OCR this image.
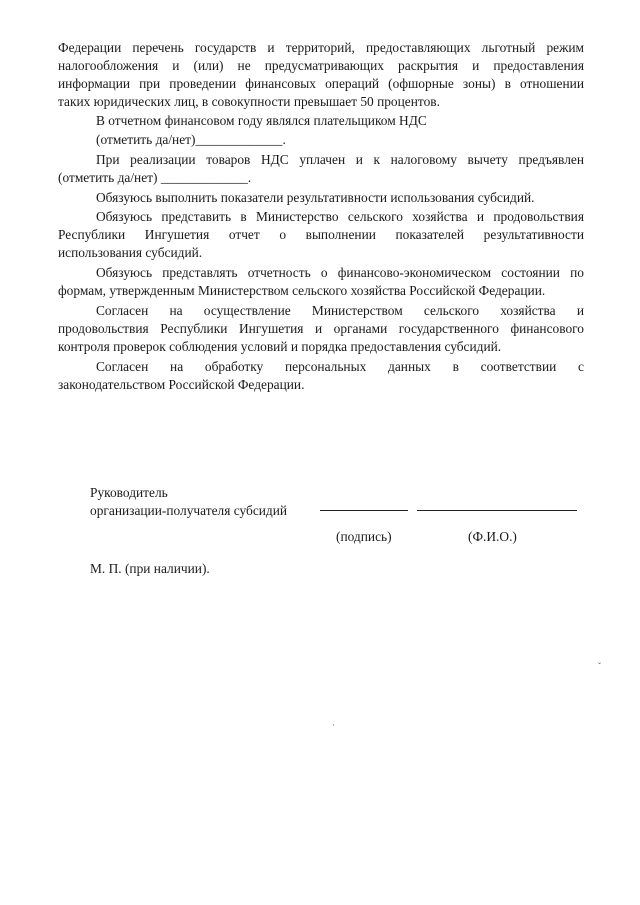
Федерации перечень государств и территорий, предоставляющих льготный режим
налогообложения и (или) не предусматривающих раскрытия и предоставления
информации при проведении финансовых операций (офшорные зоны) в отношении
таких юридических лиц, в совокупности превышает 50 процентов.

В отчетном финансовом году являлся плательщиком НДС

(отметить да/нет)_____________.

При реализации товаров НДС уплачен и к налоговому вычету предъявлен
(отметить да/нет) _____________.

Обязуюсь выполнить показатели результативности использования субсидий.

Обязуюсь представить в Министерство сельского хозяйства и продовольствия
Республики Ингушетия отчет о выполнении показателей результативности
использования субсидий.

Обязуюсь представлять отчетность о финансово-экономическом состоянии по
формам, утвержденным Министерством сельского хозяйства Российской Федерации.

Согласен на осуществление Министерством сельского хозяйства и
продовольствия Республики Ингушетия и органами государственного финансового
контроля проверок соблюдения условий и порядка предоставления субсидий.

Согласен на обработку персональных данных в соответствии с
законодательством Российской Федерации.

Руководитель
организации-получателя субсидий
(подпись)	(Ф.И.О.)
М. П. (при наличии).
ˇ
·
